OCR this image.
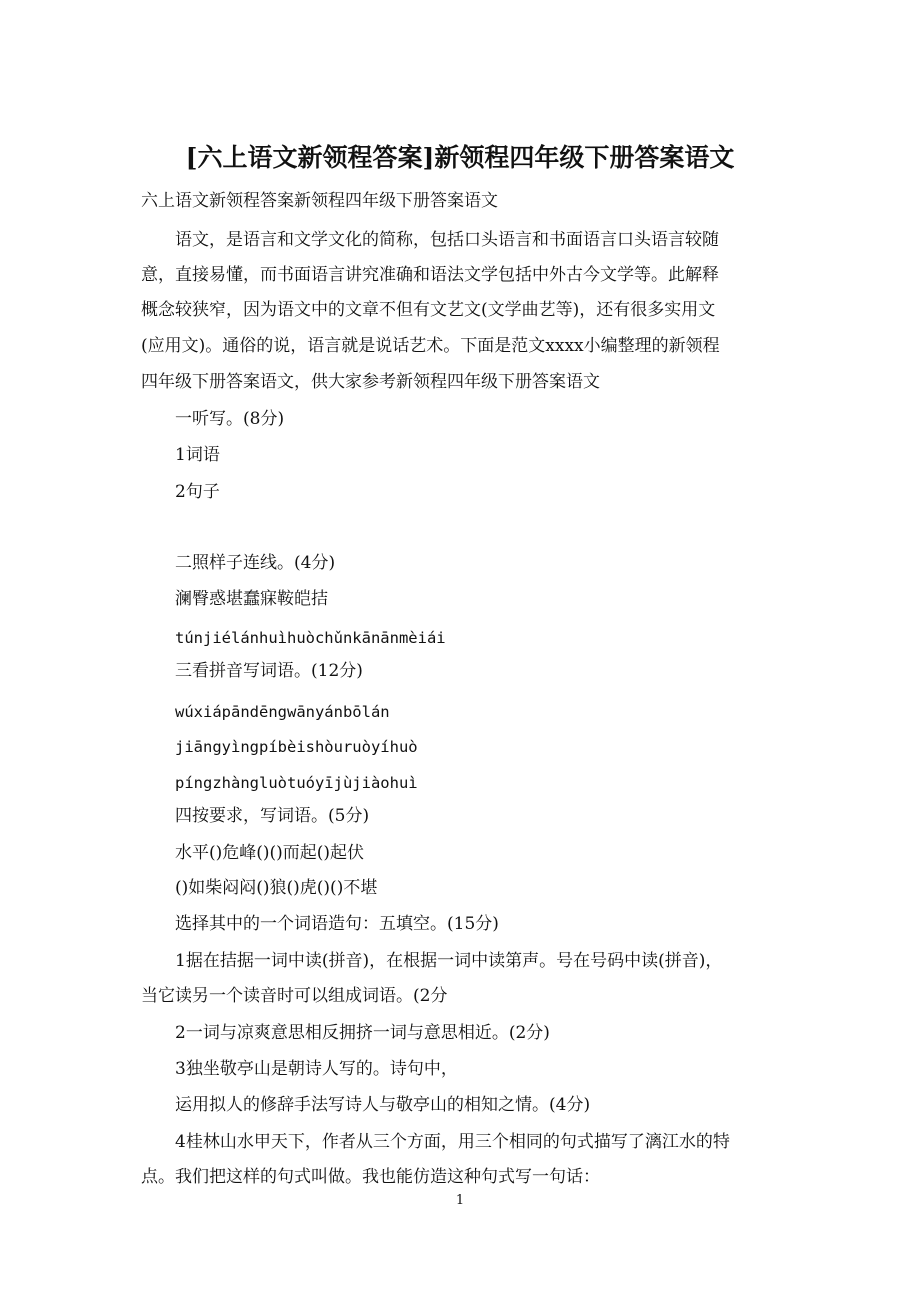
[六上语文新领程答案]新领程四年级下册答案语文
六上语文新领程答案新领程四年级下册答案语文
语文，是语言和文学文化的简称，包括口头语言和书面语言口头语言较随
意，直接易懂，而书面语言讲究准确和语法文学包括中外古今文学等。此解释
概念较狭窄，因为语文中的文章不但有文艺文(文学曲艺等)，还有很多实用文
(应用文)。通俗的说，语言就是说话艺术。下面是范文xxxx小编整理的新领程
四年级下册答案语文，供大家参考新领程四年级下册答案语文
一听写。(8分)
1词语
2句子
二照样子连线。(4分)
澜臀惑堪蠢寐鞍皑拮
túnjiélánhuìhuòchǔnkānānmèiái
三看拼音写词语。(12分)
wúxiápāndēngwānyánbōlán
jiāngyìngpíbèishòuruòyíhuò
píngzhàngluòtuóyījùjiàohuì
四按要求，写词语。(5分)
水平()危峰()()而起()起伏
()如柴闷闷()狼()虎()()不堪
选择其中的一个词语造句：五填空。(15分)
1据在拮据一词中读(拼音)，在根据一词中读第声。号在号码中读(拼音)，
当它读另一个读音时可以组成词语。(2分
2一词与凉爽意思相反拥挤一词与意思相近。(2分)
3独坐敬亭山是朝诗人写的。诗句中，
运用拟人的修辞手法写诗人与敬亭山的相知之情。(4分)
4桂林山水甲天下，作者从三个方面，用三个相同的句式描写了漓江水的特
点。我们把这样的句式叫做。我也能仿造这种句式写一句话：
1
